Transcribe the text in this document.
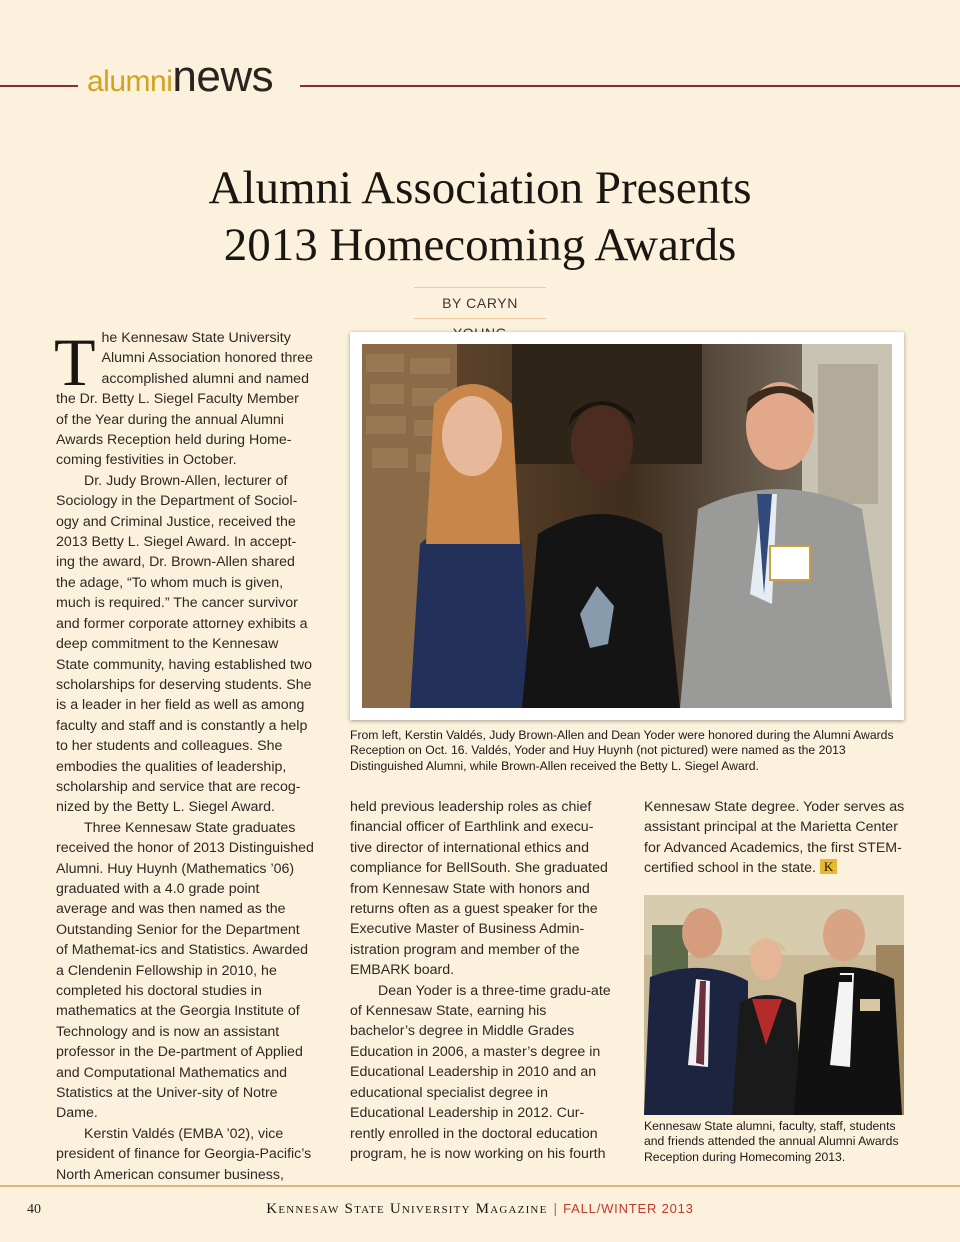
alumninews
Alumni Association Presents
2013 Homecoming Awards
BY CARYN

The Kennesaw State University Alumni Association honored three accomplished alumni and named the Dr. Betty L. Siegel Faculty Member of the Year during the annual Alumni Awards Reception held during Home-coming festivities in October.

Dr. Judy Brown-Allen, lecturer of Sociology in the Department of Sociol-ogy and Criminal Justice, received the 2013 Betty L. Siegel Award. In accept-ing the award, Dr. Brown-Allen shared the adage, “To whom much is given, much is required.” The cancer survivor and former corporate attorney exhibits a deep commitment to the Kennesaw State community, having established two scholarships for deserving students. She is a leader in her field as well as among faculty and staff and is constantly a help to her students and colleagues. She embodies the qualities of leadership, scholarship and service that are recog-nized by the Betty L. Siegel Award.

Three Kennesaw State graduates received the honor of 2013 Distinguished Alumni. Huy Huynh (Mathematics ’06) graduated with a 4.0 grade point average and was then named as the Outstanding Senior for the Department of Mathemat-ics and Statistics. Awarded a Clendenin Fellowship in 2010, he completed his doctoral studies in mathematics at the Georgia Institute of Technology and is now an assistant professor in the De-partment of Applied and Computational Mathematics and Statistics at the Univer-sity of Notre Dame.

Kerstin Valdés (EMBA ’02), vice president of finance for Georgia-Pacific’s North American consumer business,

From left, Kerstin Valdés, Judy Brown-Allen and Dean Yoder were honored during the Alumni Awards Reception on Oct. 16. Valdés, Yoder and Huy Huynh (not pictured) were named as the 2013 Distinguished Alumni, while Brown-Allen received the Betty L. Siegel Award.

held previous leadership roles as chief financial officer of Earthlink and execu-tive director of international ethics and compliance for BellSouth. She graduated from Kennesaw State with honors and returns often as a guest speaker for the Executive Master of Business Admin-istration program and member of the EMBARK board.

Dean Yoder is a three-time gradu-ate of Kennesaw State, earning his bachelor’s degree in Middle Grades Education in 2006, a master’s degree in Educational Leadership in 2010 and an educational specialist degree in Educational Leadership in 2012. Cur-rently enrolled in the doctoral education program, he is now working on his fourth

Kennesaw State degree. Yoder serves as assistant principal at the Marietta Center for Advanced Academics, the first STEM-certified school in the state. K

Kennesaw State alumni, faculty, staff, students and friends attended the annual Alumni Awards Reception during Homecoming 2013.
40	Kennesaw State University Magazine | FALL/WINTER 2013
